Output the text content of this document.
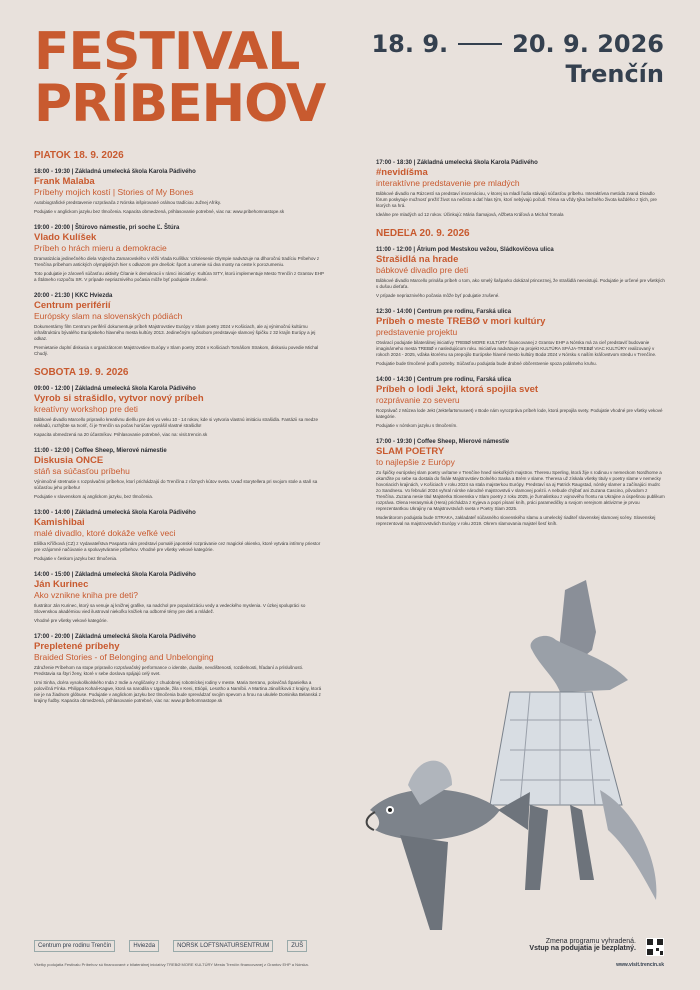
FESTIVAL
PRÍBEHOV
18. 9.	20. 9. 2026
Trenčín
PIATOK 18. 9. 2026
18:00 - 19:30 | Základná umelecká škola Karola Pádivého
Frank Malaba
Príbehy mojich kostí | Stories of My Bones
Autobiografické predstavenie rozprávača z Nórska inšpirované orálnou tradíciou Južnej Afriky.
Podujatie v anglickom jazyku bez tlmočenia. Kapacita obmedzená, prihlasovanie potrebné, viac na: www.pribehomnastope.sk
19:00 - 20:00 | Štúrovo námestie, pri soche Ľ. Štúra
Vlado Kulíšek
Príbeh o hrách mieru a demokracie
Dramatizácia jedinečného diela Vojtecha Zamarovského v réžii Vlada Kulíška: Vzkriesenie Olympie nadväzuje na dlhoročnú tradíciu Príbehov z Trenčína príbehom antických olympijských hier s odkazom pre dnešok: šport a umenie sú dva mosty na ceste k porozumeniu.
Toto podujatie je zároveň súčasťou aktivity Čítanie k demokracii v rámci iniciatívy: Kultúra SITY, ktorú implementuje Mesto Trenčín z Grantov EHP a Štátneho rozpočtu SR. V prípade nepriaznivého počasia môže byť podujatie zrušené.
20:00 - 21:30 | KKC Hviezda
Centrum periférií
Európsky slam na slovenských pódiách
Dokumentárny film Centrum periférií dokumentuje príbeh Majstrovstiev Európy v Slam poetry 2024 v Košiciach, ale aj výnimočnú kultúrnu infraštruktúru bývalého Európskeho hlavného mesta kultúry 2013. Jedinečným spôsobom predstavuje slamový špičku z 32 krajín Európy a jej odkaz.
Premietanie doplní diskusia s organizátorom Majstrovstiev Európy v Slam poetry 2024 v Košiciach Tomášom Strakom, diskusiu povedie Michal Chudý.
SOBOTA 19. 9. 2026
09:00 - 12:00 | Základná umelecká škola Karola Pádivého
Vyrob si strašidlo, vytvor nový príbeh
kreatívny workshop pre deti
Bábkové divadlo Marcello pripravilo kreatívnu dielňu pre deti vo veku 10 - 14 rokov, kde si vytvoria vlastnú imitáciu strašidla. Fantázii sa medze nekladú, rozhýbte sa tvoriť, či je Trenčín sa počas horúčav vyprášil vlastné strašidlo!
Kapacita obmedzená na 20 účastníkov. Prihlasovanie potrebné, viac na: visit.trencin.sk
11:00 - 12:00 | Coffee Sheep, Mierové námestie
Diskusia ONCE
stáň sa súčasťou príbehu
Výnimočné stretnutie s rozprávačmi príbehov, ktorí prichádzajú do Trenčína z rôznych kútov sveta. Uvaď storytellera pri svojom stole a staň sa súčasťou jeho príbehu!
Podujatie v slovenskom aj anglickom jazyku, bez tlmočenia.
13:00 - 14:00 | Základná umelecká škola Karola Pádivého
Kamishibai
malé divadlo, ktoré dokáže veľké veci
Eliška Kříčková (CZ) z Vydavateľstva Pasparta nám predstaví pomalé japonské rozprávanie cez magické okienko, ktoré vytvára intímny priestor pre vzájomné načúvanie a spoluvytváranie príbehov. Vhodné pre všetky vekové kategórie.
Podujatie v českom jazyku bez tlmočenia.
14:00 - 15:00 | Základná umelecká škola Karola Pádivého
Ján Kurinec
Ako vznikne kniha pre deti?
Ilustrátor Ján Kurinec, ktorý sa venuje aj knižnej grafike, sa nadchol pre popularizáciu vedy a vedeckého myslenia. V úzkej spolupráci so Slovenskou akadémiou vied ilustroval niekoľko knižiek na odborné témy pre deti a mládež.
Vhodné pre všetky vekové kategórie.
17:00 - 20:00 | Základná umelecká škola Karola Pádivého
Prepletené príbehy
Braided Stories - of Belonging and Unbelonging
Združenie Príbehom na stope pripravilo rozprávačský performance o identite, dualite, nevdištenosti, rozdielnosti, hľadaní a príslušnosti. Predstavia sa štyri ženy, ktoré v sebe doslova spájajú celý svet.
Umi Sinha, dcéra vysokoškolského Inda z Indie a Angličanky z chudobnej robotníckej rodiny v meste. Maria Serrano, polovičná Španielka a polovičná Fínka. Philippa Kohali-Kagwe, ktorá sa narodila v Ugande, žila v Keni, Etiópii, Lesotho a Namíbii. A Martina Jánošíková z krajiny, ktorá nie je na žiadnom glóbuse. Podujatie v anglickom jazyku bez tlmočenia bude sprevádzať svojím spevom a hrou na ukulele Dominika Belanská z krajiny fudby. Kapacita obmedzená, prihlasovanie potrebné, viac na: www.pribehomnastope.sk
17:00 - 18:30 | Základná umelecká škola Karola Pádivého
#nevidíšma
interaktívne predstavenie pre mladých
Bábkové divadlo na Rázcestí sa predstaví inscenáciou, v ktorej sa mladí ľudia stávajú súčasťou príbehu. Interaktívna metóda zvaná Divadlo fórum poskytuje možnosť prežiť život na nečisto a dať hlas tým, ktorí nebývajú počutí. Téma sa vždy týka bežného života každého z tých, pre ktorých sa hrá.
Ideálne pre mladých od 12 rokov. Účinkujú: Mária Šamajová, Alžbeta Kráľová a Michal Tomala
NEDEĽA 20. 9. 2026
11:00 - 12:00 | Átrium pod Mestskou vežou, Sládkovičova ulica
Strašidlá na hrade
bábkové divadlo pre deti
Bábkové divadlo Marcello prináša príbeh o tom, ako smelý šašparko dokázal princeznej, že strašidlá neexistujú. Podujatie je určené pre všetkých s dušou dieťaťa.
V prípade nepriaznivého počasia môže byť podujatie zrušené.
12:30 - 14:00 | Centrum pre rodinu, Farská ulica
Príbeh o meste TREBØ v mori kultúry
predstavenie projektu
Otvárací podujatie bilaterálnej iniciatívy TREBØ MORE KULTÚRY financovanej z Grantov EHP a Nórska má za cieľ predstaviť budovanie imaginárneho mesta TREBØ v nasledujúcom roku. Iniciatíva nadväzuje na projekt KULTÚRA SPÁJA-TREBØ VIAC KULTÚRY realizovaný v rokoch 2024 - 2025, vďaka ktorému sa prepojilo Európske hlavné mesto kultúry Bodø 2024 v Nórsku s naším kráľovstvom stredu v Trenčíne.
Podujatie bude tlmočené podľa potreby. Súčasťou podujatia bude drobné občerstvenie spoza polárneho kruhu.
14:00 - 14:30 | Centrum pre rodinu, Farská ulica
Príbeh o lodi Jekt, ktorá spojila svet
rozprávanie zo severu
Rozprávač z Múzea lode Jekt (Jektefartsmuseet) v Bode nám vyrozpráva príbeh lode, ktorá prepojila svety. Podujatie vhodné pre všetky vekové kategórie.
Podujatie v nórskom jazyku s tlmočením.
17:00 - 19:30 | Coffee Sheep, Mierové námestie
SLAM POETRY
to najlepšie z Európy
Zo špičky európskej slam poetry uvítame v Trenčíne hneď niekoľkých majstrov. Theresu Sperling, ktorá žije s rodinou v nemeckom Nordhorne a okamžite po sebe sa dostala do finále Majstrovstiev Dolného Saska a Brém v slame. Theresa už získala všetky tituly v poetry slame v nemecky hovoriacich krajinách, v Košiciach v roku 2024 sa stala majsterkou Európy. Predstaví sa aj Patrick Raugstad, nórsky slamer a začínajúci mudrc zo Sandnesu. Vo februári 2024 vyhral nórske národné majstrovstvá v slamovej poézii. A nebude chýbať ani Zuzana Cascino, pôvodom z Trenčína. Zuzana nesie titul Majsterka Slovenska v Slam poetry z roku 2025, je žurnalistkou z vojnového frontu na Ukrajine a úspešnou publikum rozpráva. Olena Herasymiuk (Hera) prichádza z Kyjeva a popri písaní kníh, práci paramedičky a svojom verejnom aktivizme je prvou reprezentantkou Ukrajiny na Majstrovstvách sveta v Poetry Slam 2025.
Moderátorom podujatia bude STRAKA, zakladateľ súčasného slovenského slamu a umelecký riaditeľ slovenskej slamovej scény. Slovenskej reprezentoval na majstrovstvách Európy v roku 2019. Okrem slamovania majstel šesť kníh.
Centrum pre rodinu Trenčín	Hviezda	NORSK LOFTSNATURSENTRUM	ZUŠ
Zmena programu vyhradená.
Vstup na podujatia je bezplatný.
Všetky podujatia Festivalu Príbehov sú financované z bilaterálnej iniciatívy TREBØ MORE KULTÚRY Mesta Trenčín financovanej z Grantov EHP a Nórska.	www.visit.trencin.sk
